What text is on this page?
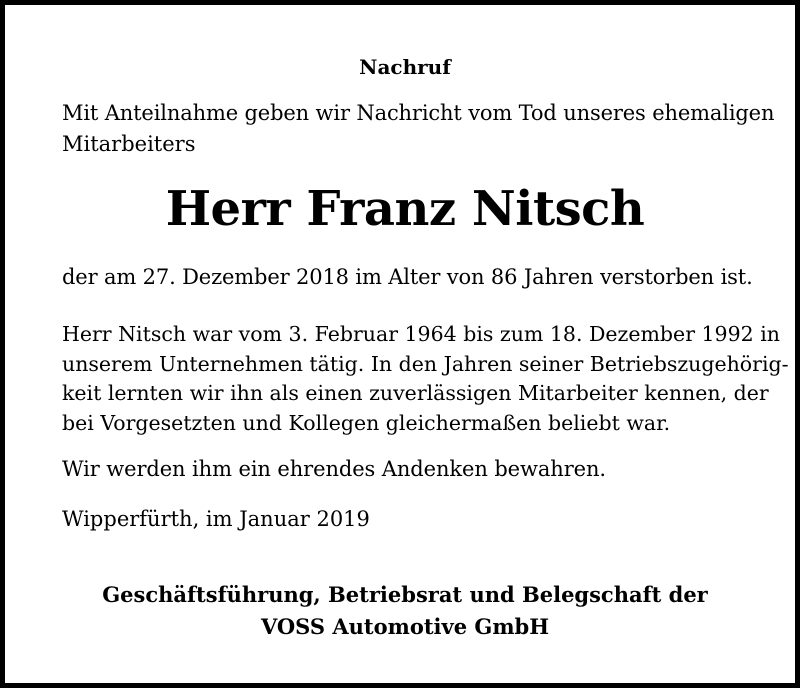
Nachruf
Mit Anteilnahme geben wir Nachricht vom Tod unseres ehemaligen
Mitarbeiters
Herr Franz Nitsch
der am 27. Dezember 2018 im Alter von 86 Jahren verstorben ist.
Herr Nitsch war vom 3. Februar 1964 bis zum 18. Dezember 1992 in
unserem Unternehmen tätig. In den Jahren seiner Betriebszugehörig-
keit lernten wir ihn als einen zuverlässigen Mitarbeiter kennen, der
bei Vorgesetzten und Kollegen gleichermaßen beliebt war.
Wir werden ihm ein ehrendes Andenken bewahren.
Wipperfürth, im Januar 2019
Geschäftsführung, Betriebsrat und Belegschaft der
VOSS Automotive GmbH
